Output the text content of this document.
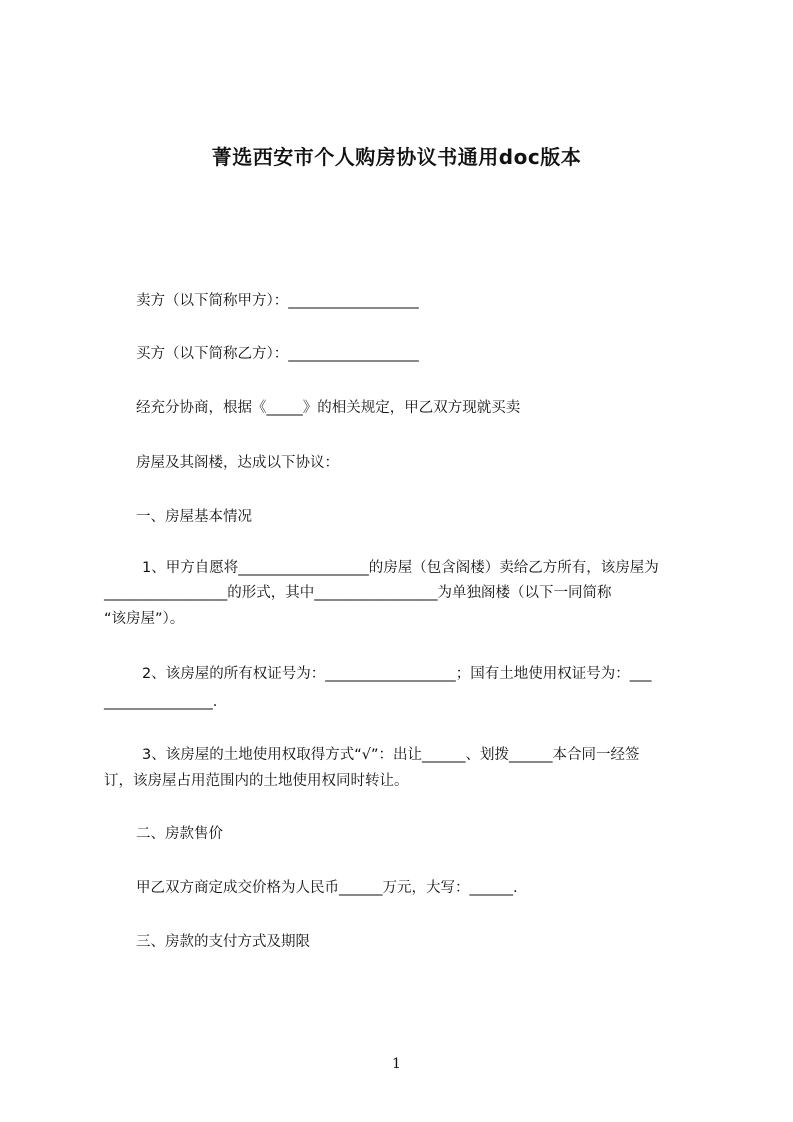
菁选西安市个人购房协议书通用doc版本
卖方（以下简称甲方）：__________________
买方（以下简称乙方）：__________________
经充分协商，根据《_____》的相关规定，甲乙双方现就买卖
房屋及其阁楼，达成以下协议：
一、房屋基本情况
1、甲方自愿将__________________的房屋（包含阁楼）卖给乙方所有，该房屋为
_________________的形式，其中_________________为单独阁楼（以下一同简称
“该房屋”）。
2、该房屋的所有权证号为：__________________；国有土地使用权证号为：___
_______________.
3、该房屋的土地使用权取得方式“√”：出让______、划拨______本合同一经签
订，该房屋占用范围内的土地使用权同时转让。
二、房款售价
甲乙双方商定成交价格为人民币______万元，大写：______.
三、房款的支付方式及期限
1
